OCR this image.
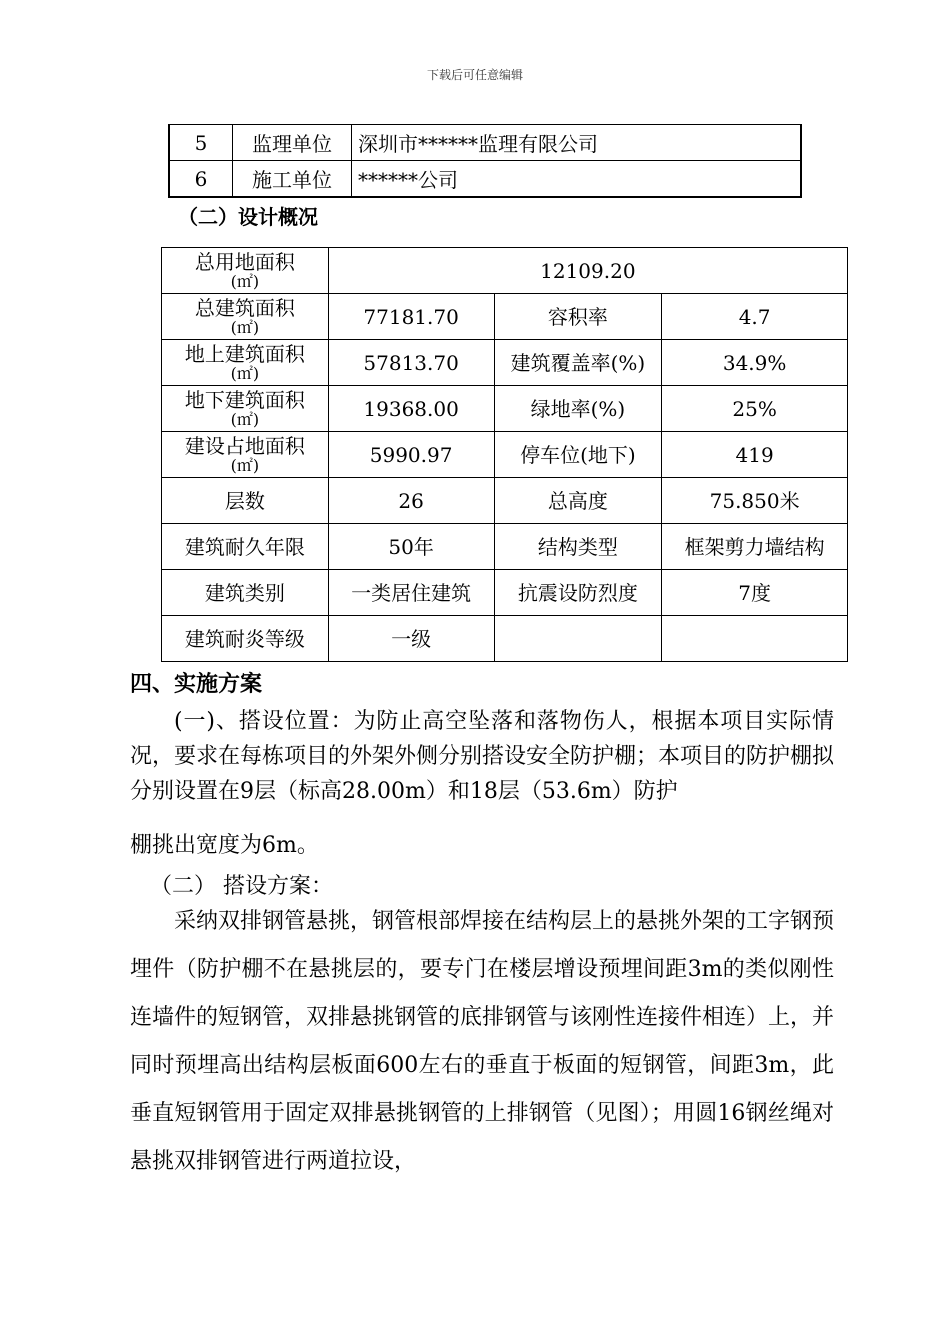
下载后可任意编辑
5	监理单位	深圳市******监理有限公司
6	施工单位	******公司
（二）设计概况
总用地面积
(㎡)	12109.20		
总建筑面积
(㎡)	77181.70	容积率	4.7
地上建筑面积
(㎡)	57813.70	建筑覆盖率(%)	34.9%
地下建筑面积
(㎡)	19368.00	绿地率(%)	25%
建设占地面积
(㎡)	5990.97	停车位(地下)	419
层数	26	总高度	75.850米
建筑耐久年限	50年	结构类型	框架剪力墙结构
建筑类别	一类居住建筑	抗震设防烈度	7度
建筑耐炎等级	一级		
四、实施方案
(一)、搭设位置：为防止高空坠落和落物伤人，根据本项目实际情况，要求在每栋项目的外架外侧分别搭设安全防护棚；本项目的防护棚拟分别设置在9层（标高28.00m）和18层（53.6m）防护
棚挑出宽度为6m。
（二） 搭设方案：
采纳双排钢管悬挑，钢管根部焊接在结构层上的悬挑外架的工字钢预埋件（防护棚不在悬挑层的，要专门在楼层增设预埋间距3m的类似刚性连墙件的短钢管，双排悬挑钢管的底排钢管与该刚性连接件相连）上，并同时预埋高出结构层板面600左右的垂直于板面的短钢管，间距3m，此垂直短钢管用于固定双排悬挑钢管的上排钢管（见图）；用圆16钢丝绳对悬挑双排钢管进行两道拉设，
